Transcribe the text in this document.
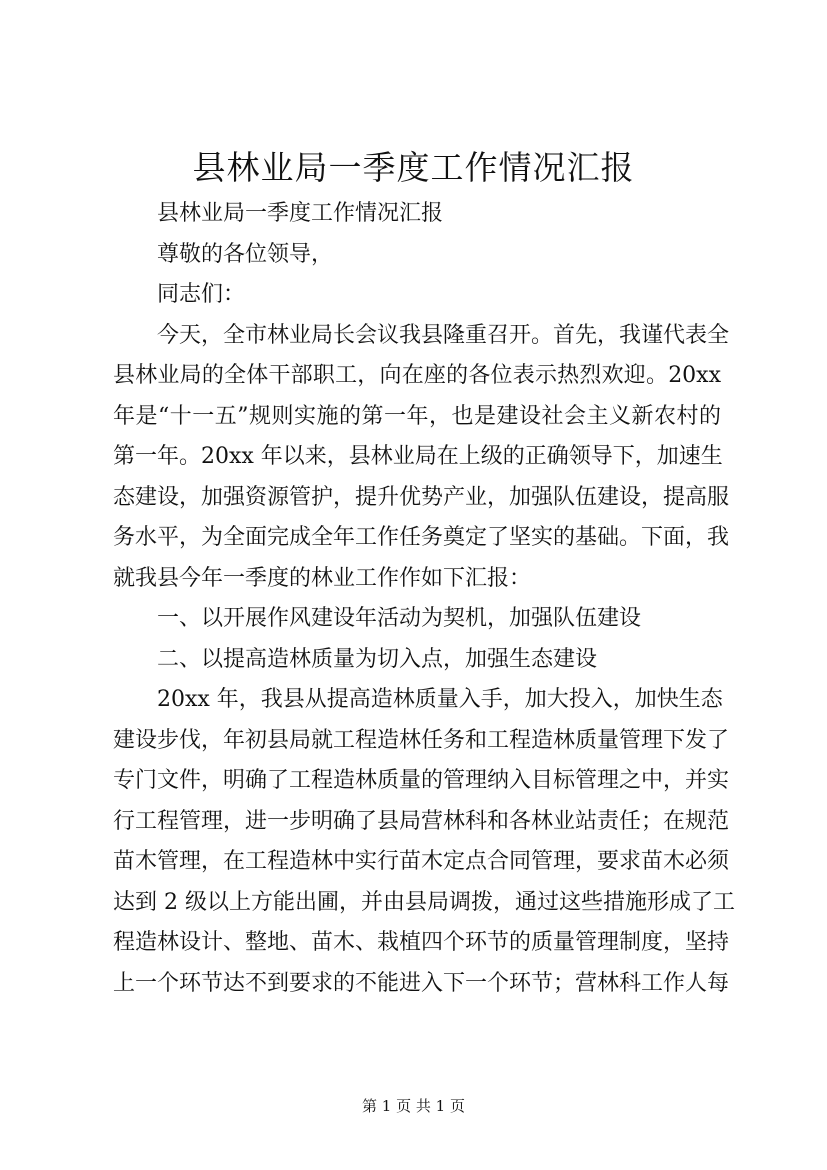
县林业局一季度工作情况汇报
县林业局一季度工作情况汇报
尊敬的各位领导，
同志们：
今天，全市林业局长会议我县隆重召开。首先，我谨代表全
县林业局的全体干部职工，向在座的各位表示热烈欢迎。20xx
年是“十一五”规则实施的第一年，也是建设社会主义新农村的
第一年。20xx 年以来，县林业局在上级的正确领导下，加速生
态建设，加强资源管护，提升优势产业，加强队伍建设，提高服
务水平，为全面完成全年工作任务奠定了坚实的基础。下面，我
就我县今年一季度的林业工作作如下汇报：
一、以开展作风建设年活动为契机，加强队伍建设
二、以提高造林质量为切入点，加强生态建设
20xx 年，我县从提高造林质量入手，加大投入，加快生态
建设步伐，年初县局就工程造林任务和工程造林质量管理下发了
专门文件，明确了工程造林质量的管理纳入目标管理之中，并实
行工程管理，进一步明确了县局营林科和各林业站责任；在规范
苗木管理，在工程造林中实行苗木定点合同管理，要求苗木必须
达到 2 级以上方能出圃，并由县局调拨，通过这些措施形成了工
程造林设计、整地、苗木、栽植四个环节的质量管理制度，坚持
上一个环节达不到要求的不能进入下一个环节；营林科工作人每
第 1 页 共 1 页
